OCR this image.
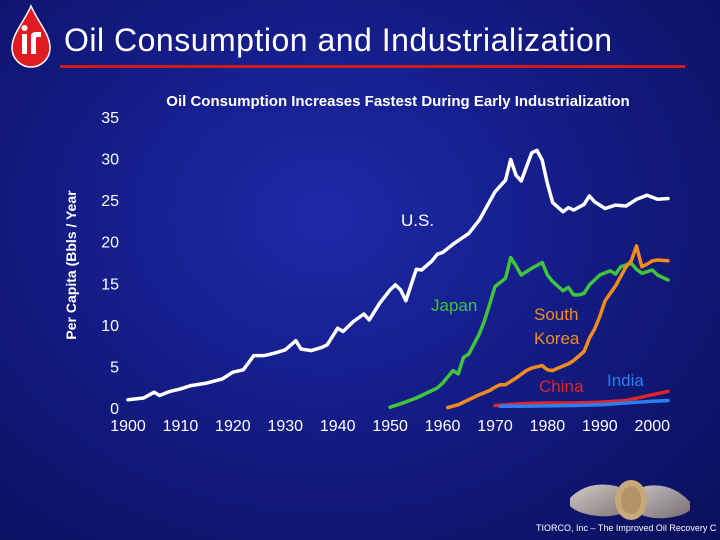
Oil Consumption and Industrialization
Oil Consumption Increases Fastest During Early Industrialization
Per Capita (Bbls / Year
0
5
10
15
20
25
30
35
1900 1910 1920 1930 1940 1950 1960 1970 1980 1990 2000
U.S.
Japan	South
Korea
China India
TIORCO, Inc – The Improved Oil Recovery C
